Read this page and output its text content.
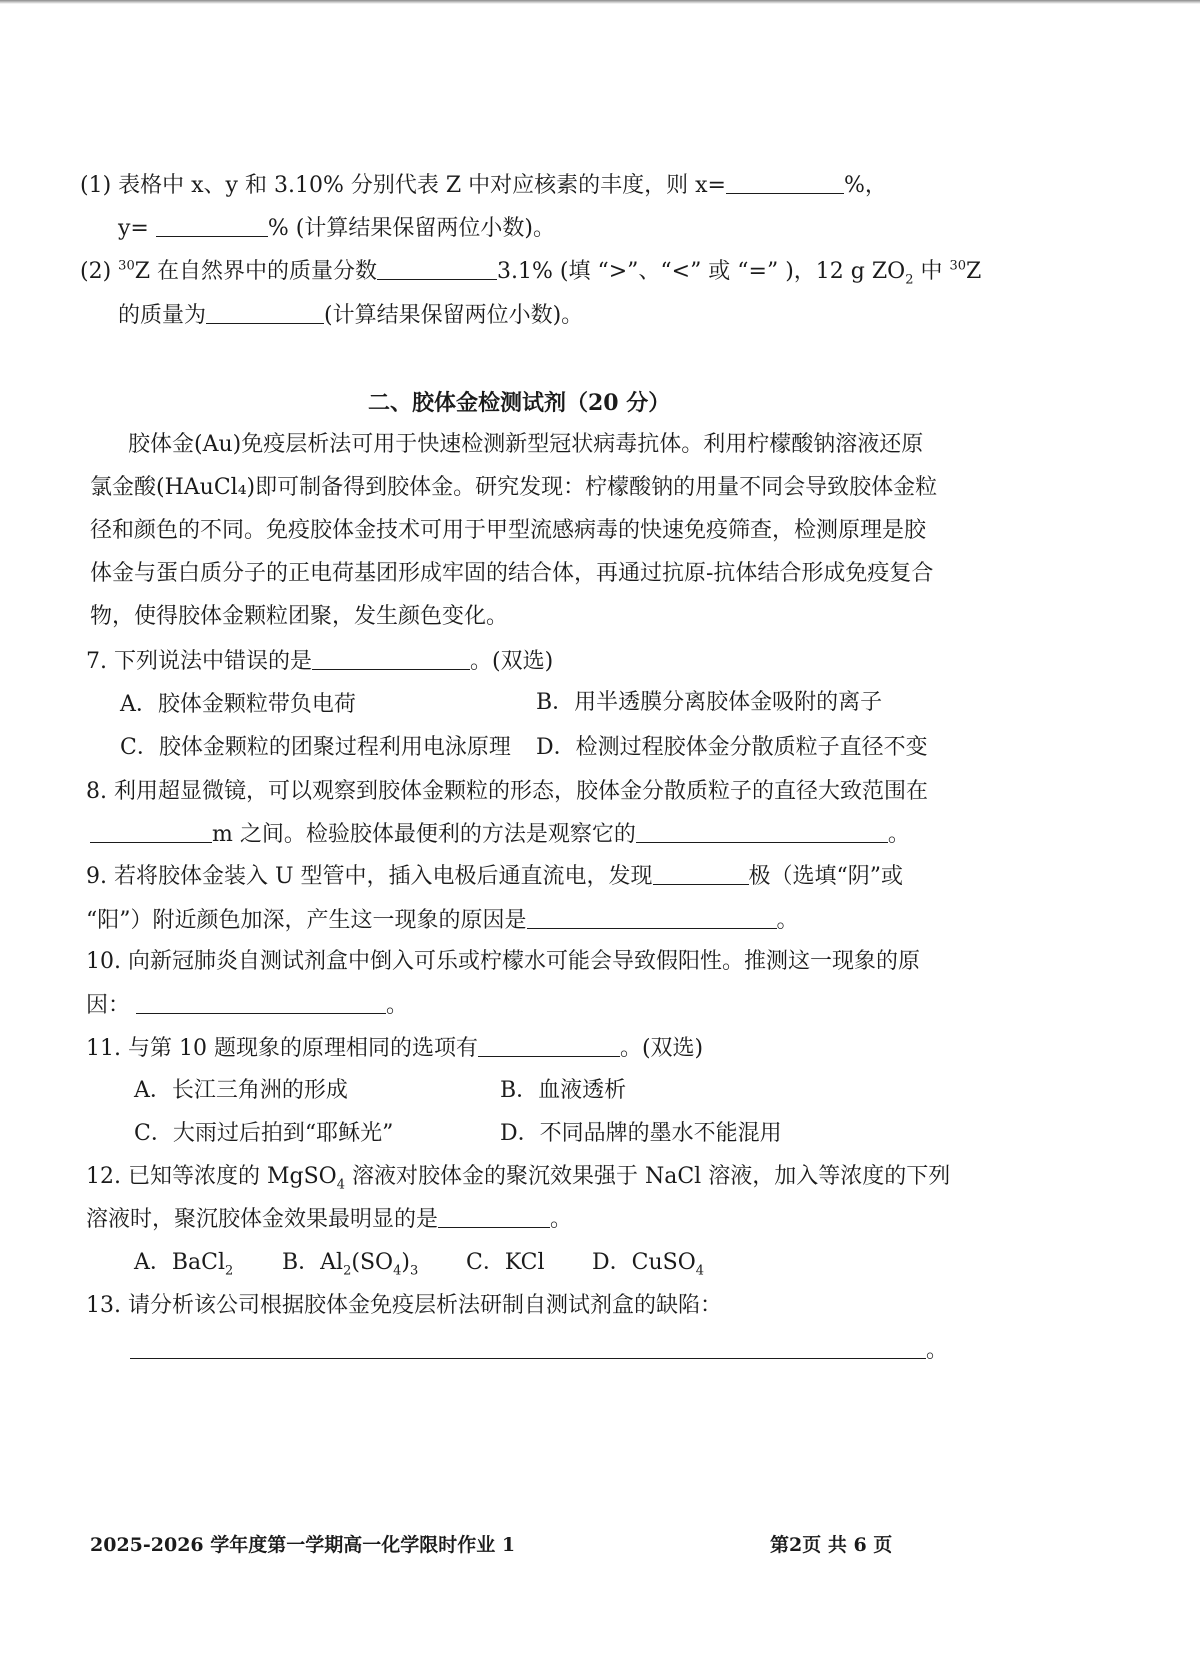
(1) 表格中 x、y 和 3.10% 分别代表 Z 中对应核素的丰度，则 x=	%，
y=	% (计算结果保留两位小数)。
(2) $^{30}$Z 在自然界中的质量分数	3.1% (填 “>”、“<” 或 “=” )，12 g $ZO_2$ 中 $^{30}$Z
的质量为	(计算结果保留两位小数)。
二、胶体金检测试剂（20 分）
胶体金(Au)免疫层析法可用于快速检测新型冠状病毒抗体。利用柠檬酸钠溶液还原
氯金酸(HAuCl₄)即可制备得到胶体金。研究发现：柠檬酸钠的用量不同会导致胶体金粒
径和颜色的不同。免疫胶体金技术可用于甲型流感病毒的快速免疫筛查，检测原理是胶
体金与蛋白质分子的正电荷基团形成牢固的结合体，再通过抗原-抗体结合形成免疫复合
物，使得胶体金颗粒团聚，发生颜色变化。
7. 下列说法中错误的是	。(双选)
A．胶体金颗粒带负电荷	B．用半透膜分离胶体金吸附的离子
C．胶体金颗粒的团聚过程利用电泳原理 D．检测过程胶体金分散质粒子直径不变
8. 利用超显微镜，可以观察到胶体金颗粒的形态，胶体金分散质粒子的直径大致范围在
m 之间。检验胶体最便利的方法是观察它的	。
9. 若将胶体金装入 U 型管中，插入电极后通直流电，发现	极（选填“阴”或
“阳”）附近颜色加深，产生这一现象的原因是	。
10. 向新冠肺炎自测试剂盒中倒入可乐或柠檬水可能会导致假阳性。推测这一现象的原
因：	。
11. 与第 10 题现象的原理相同的选项有	。(双选)
A．长江三角洲的形成	B．血液透析
C．大雨过后拍到“耶稣光”	D．不同品牌的墨水不能混用
12. 已知等浓度的 MgSO$_4$ 溶液对胶体金的聚沉效果强于 NaCl 溶液，加入等浓度的下列
溶液时，聚沉胶体金效果最明显的是	。
A．BaCl$_2$ B．$Al_2(SO_4)_3$ C．KCl D．CuSO$_4$
13. 请分析该公司根据胶体金免疫层析法研制自测试剂盒的缺陷：
。
2025-2026 学年度第一学期高一化学限时作业 1	第2页 共 6 页
